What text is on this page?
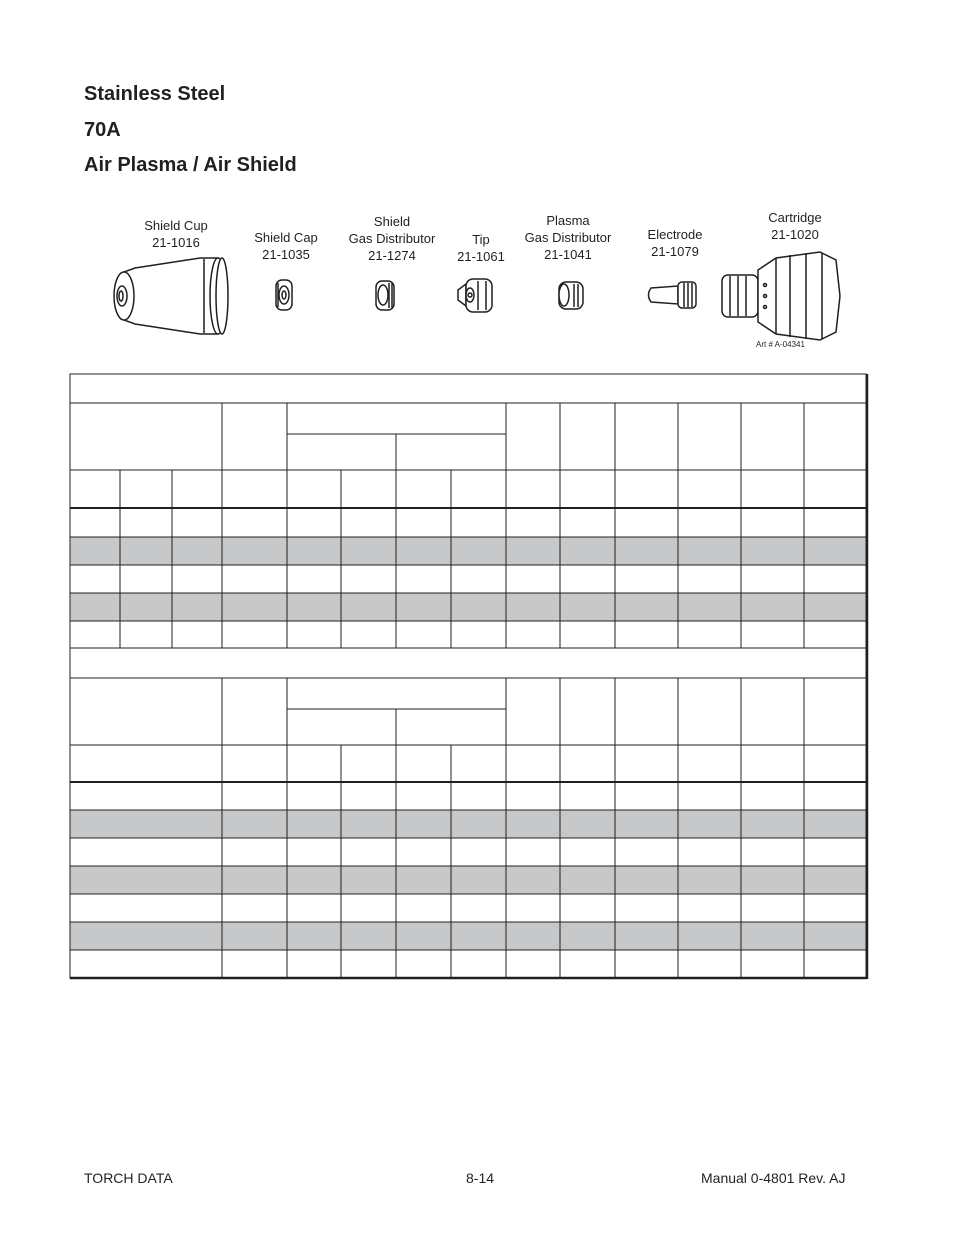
Stainless Steel
70A
Air Plasma / Air Shield
Shield Cup
21-1016	Shield Cap
21-1035
Shield
Gas Distributor
21-1274
Tip
21-1061
Plasma
Gas Distributor
21-1041
Electrode
21-1079
Cartridge
21-1020
Art # A-04341
TORCH DATA	8-14	Manual 0-4801 Rev. AJ
